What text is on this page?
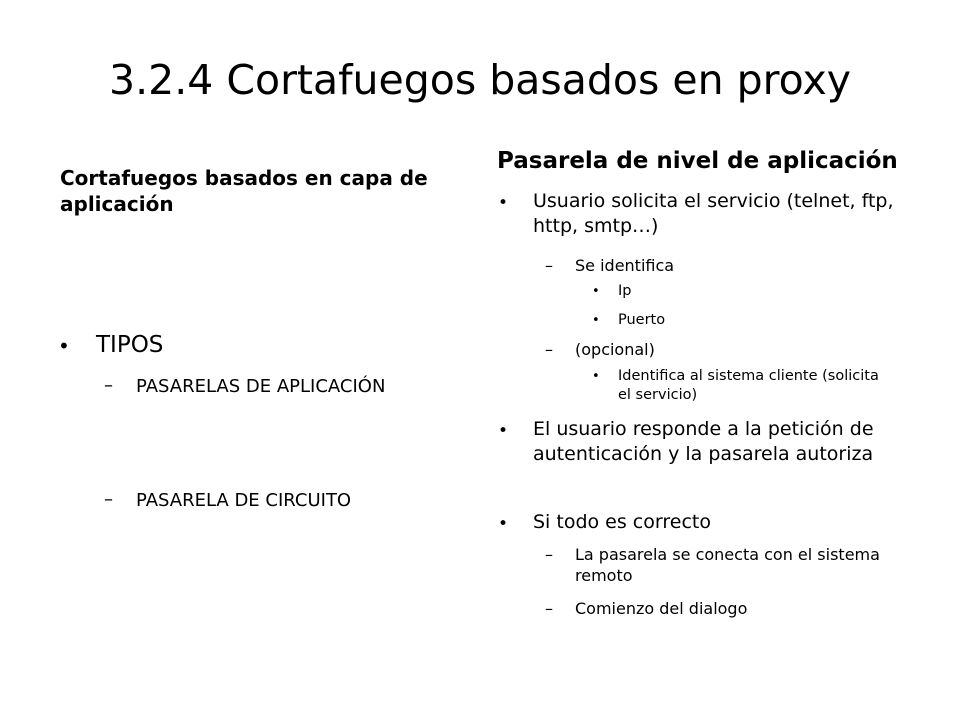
3.2.4 Cortafuegos basados en proxy
Cortafuegos basados en capa de aplicación
• TIPOS
– PASARELAS DE APLICACIÓN
– PASARELA DE CIRCUITO
Pasarela de nivel de aplicación
• Usuario solicita el servicio (telnet, ftp, http, smtp…)
– Se identifica
• Ip
• Puerto
– (opcional)
• Identifica al sistema cliente (solicita el servicio)
• El usuario responde a la petición de autenticación y la pasarela autoriza
• Si todo es correcto
– La pasarela se conecta con el sistema remoto
– Comienzo del dialogo
